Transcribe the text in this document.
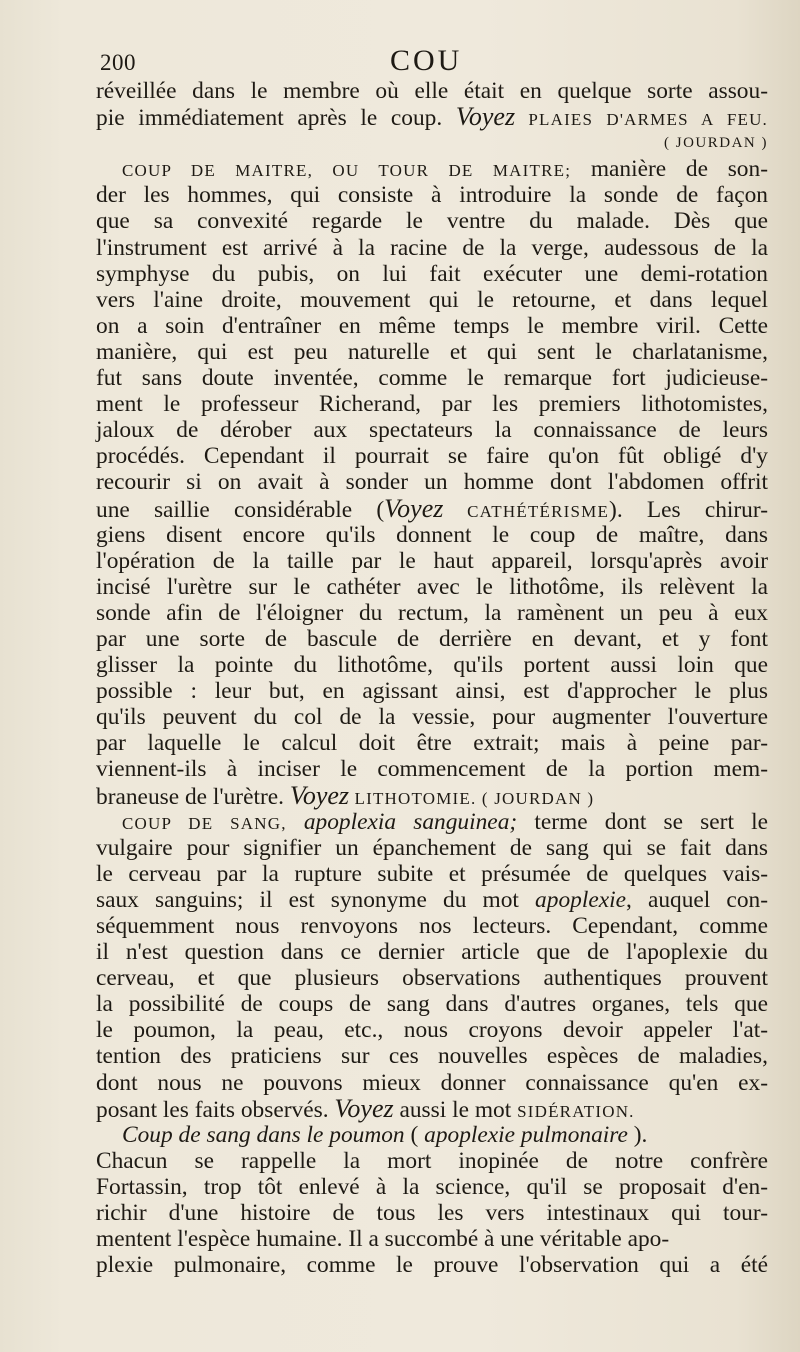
200	COU
réveillée dans le membre où elle était en quelque sorte assou-
pie immédiatement après le coup. Voyez PLAIES D'ARMES A FEU.
( JOURDAN )
COUP DE MAITRE, OU TOUR DE MAITRE; manière de son-
der les hommes, qui consiste à introduire la sonde de façon
que sa convexité regarde le ventre du malade. Dès que
l'instrument est arrivé à la racine de la verge, audessous de la
symphyse du pubis, on lui fait exécuter une demi-rotation
vers l'aine droite, mouvement qui le retourne, et dans lequel
on a soin d'entraîner en même temps le membre viril. Cette
manière, qui est peu naturelle et qui sent le charlatanisme,
fut sans doute inventée, comme le remarque fort judicieuse-
ment le professeur Richerand, par les premiers lithotomistes,
jaloux de dérober aux spectateurs la connaissance de leurs
procédés. Cependant il pourrait se faire qu'on fût obligé d'y
recourir si on avait à sonder un homme dont l'abdomen offrit
une saillie considérable (Voyez CATHÉTÉRISME). Les chirur-
giens disent encore qu'ils donnent le coup de maître, dans
l'opération de la taille par le haut appareil, lorsqu'après avoir
incisé l'urètre sur le cathéter avec le lithotôme, ils relèvent la
sonde afin de l'éloigner du rectum, la ramènent un peu à eux
par une sorte de bascule de derrière en devant, et y font
glisser la pointe du lithotôme, qu'ils portent aussi loin que
possible : leur but, en agissant ainsi, est d'approcher le plus
qu'ils peuvent du col de la vessie, pour augmenter l'ouverture
par laquelle le calcul doit être extrait; mais à peine par-
viennent-ils à inciser le commencement de la portion mem-
braneuse de l'urètre. Voyez LITHOTOMIE. ( JOURDAN )
COUP DE SANG, apoplexia sanguinea; terme dont se sert le
vulgaire pour signifier un épanchement de sang qui se fait dans
le cerveau par la rupture subite et présumée de quelques vais-
saux sanguins; il est synonyme du mot apoplexie, auquel con-
séquemment nous renvoyons nos lecteurs. Cependant, comme
il n'est question dans ce dernier article que de l'apoplexie du
cerveau, et que plusieurs observations authentiques prouvent
la possibilité de coups de sang dans d'autres organes, tels que
le poumon, la peau, etc., nous croyons devoir appeler l'at-
tention des praticiens sur ces nouvelles espèces de maladies,
dont nous ne pouvons mieux donner connaissance qu'en ex-
posant les faits observés. Voyez aussi le mot SIDÉRATION.
Coup de sang dans le poumon ( apoplexie pulmonaire ).
Chacun se rappelle la mort inopinée de notre confrère
Fortassin, trop tôt enlevé à la science, qu'il se proposait d'en-
richir d'une histoire de tous les vers intestinaux qui tour-
mentent l'espèce humaine. Il a succombé à une véritable apo-
plexie pulmonaire, comme le prouve l'observation qui a été
